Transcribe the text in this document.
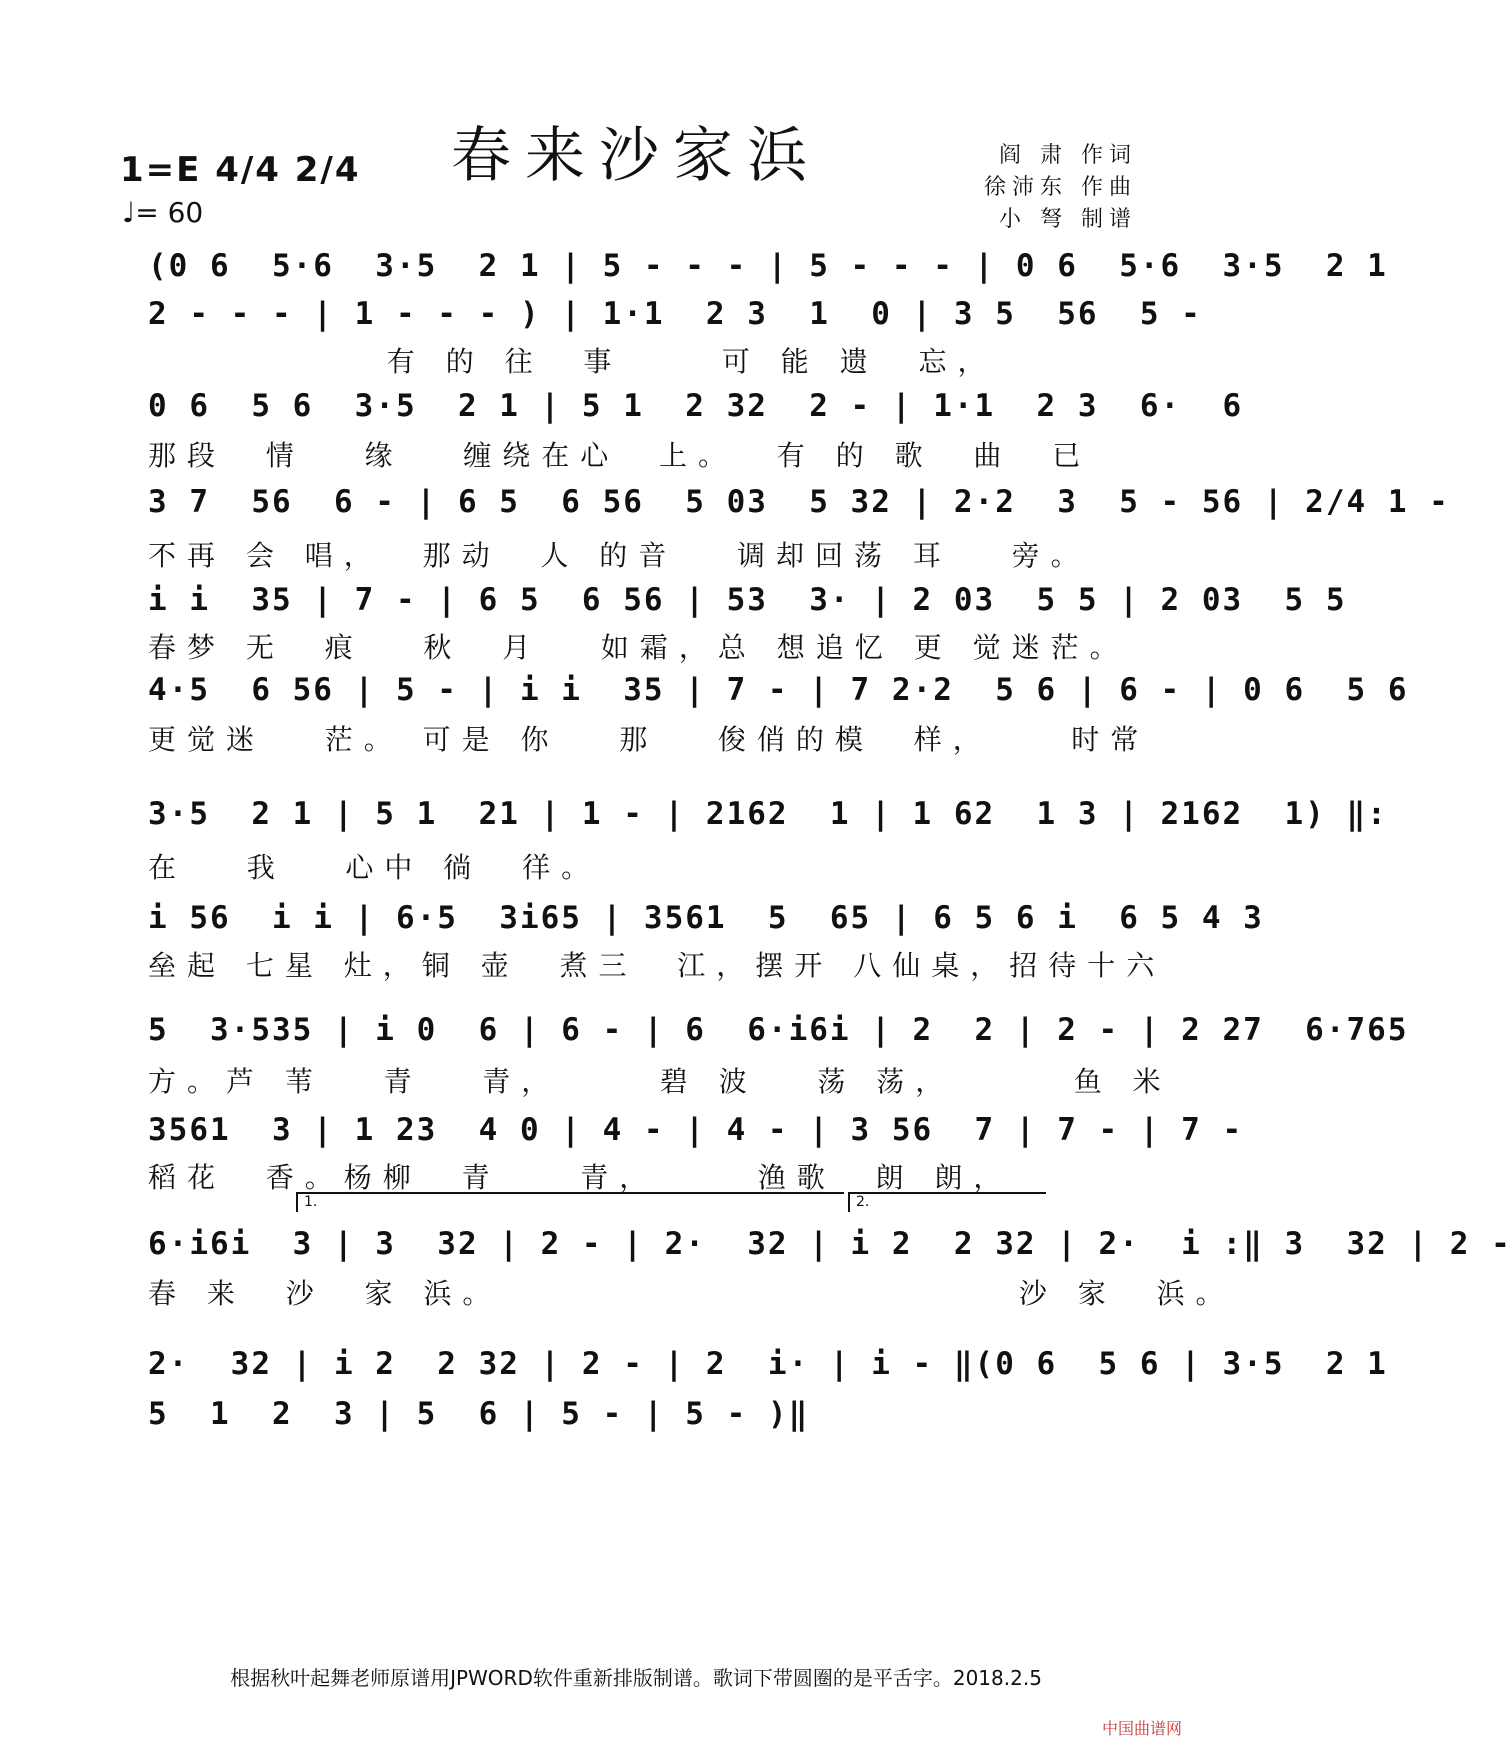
春来沙家浜
1=E 4/4 2/4
♩= 60
阎 肃 作词
徐沛东 作曲
小 弩 制谱
(0 6  5·6  3·5  2 1 | 5 - - - | 5 - - - | 0 6  5·6  3·5  2 1
2 - - - | 1 - - - ) | 1·1  2 3  1  0 | 3 5  56  5 -
有 的 往  事     可 能 遗  忘，
0 6  5 6  3·5  2 1 | 5 1  2 32  2 - | 1·1  2 3  6·  6
那段  情   缘   缠绕在心  上。  有 的 歌  曲  已
3 7  56  6 - | 6 5  6 56  5 03  5 32 | 2·2  3  5 - 56 | 2/4 1 -
不再 会 唱，  那动  人 的音   调却回荡 耳   旁。
i i  35 | 7 - | 6 5  6 56 | 53  3· | 2 03  5 5 | 2 03  5 5
春梦 无  痕   秋  月   如霜，总 想追忆 更 觉迷茫。
4·5  6 56 | 5 - | i i  35 | 7 - | 7 2·2  5 6 | 6 - | 0 6  5 6
更觉迷   茫。 可是 你   那   俊俏的模  样，    时常
3·5  2 1 | 5 1  21 | 1 - | 2162  1 | 1 62  1 3 | 2162  1) ‖:
在   我   心中 徜  徉。
i 56  i i | 6·5  3i65 | 3561  5  65 | 6 5 6 i  6 5 4 3
垒起 七星 灶，铜 壶  煮三  江，摆开 八仙桌，招待十六
5  3·535 | i 0  6 | 6 - | 6  6·i6i | 2  2 | 2 - | 2 27  6·765
方。芦 苇   青   青，     碧 波   荡 荡，      鱼 米
3561  3 | 1 23  4 0 | 4 - | 4 - | 3 56  7 | 7 - | 7 -
稻花  香。杨柳  青    青，     渔歌  朗 朗，
1.	2.
6·i6i  3 | 3  32 | 2 - | 2·  32 | i 2  2 32 | 2·  i :‖ 3  32 | 2 -
春 来  沙  家 浜。                          沙 家  浜。
2·  32 | i 2  2 32 | 2 - | 2  i· | i - ‖(0 6  5 6 | 3·5  2 1
5  1  2  3 | 5  6 | 5 - | 5 - )‖
根据秋叶起舞老师原谱用JPWORD软件重新排版制谱。歌词下带圆圈的是平舌字。2018.2.5
中国曲谱网
